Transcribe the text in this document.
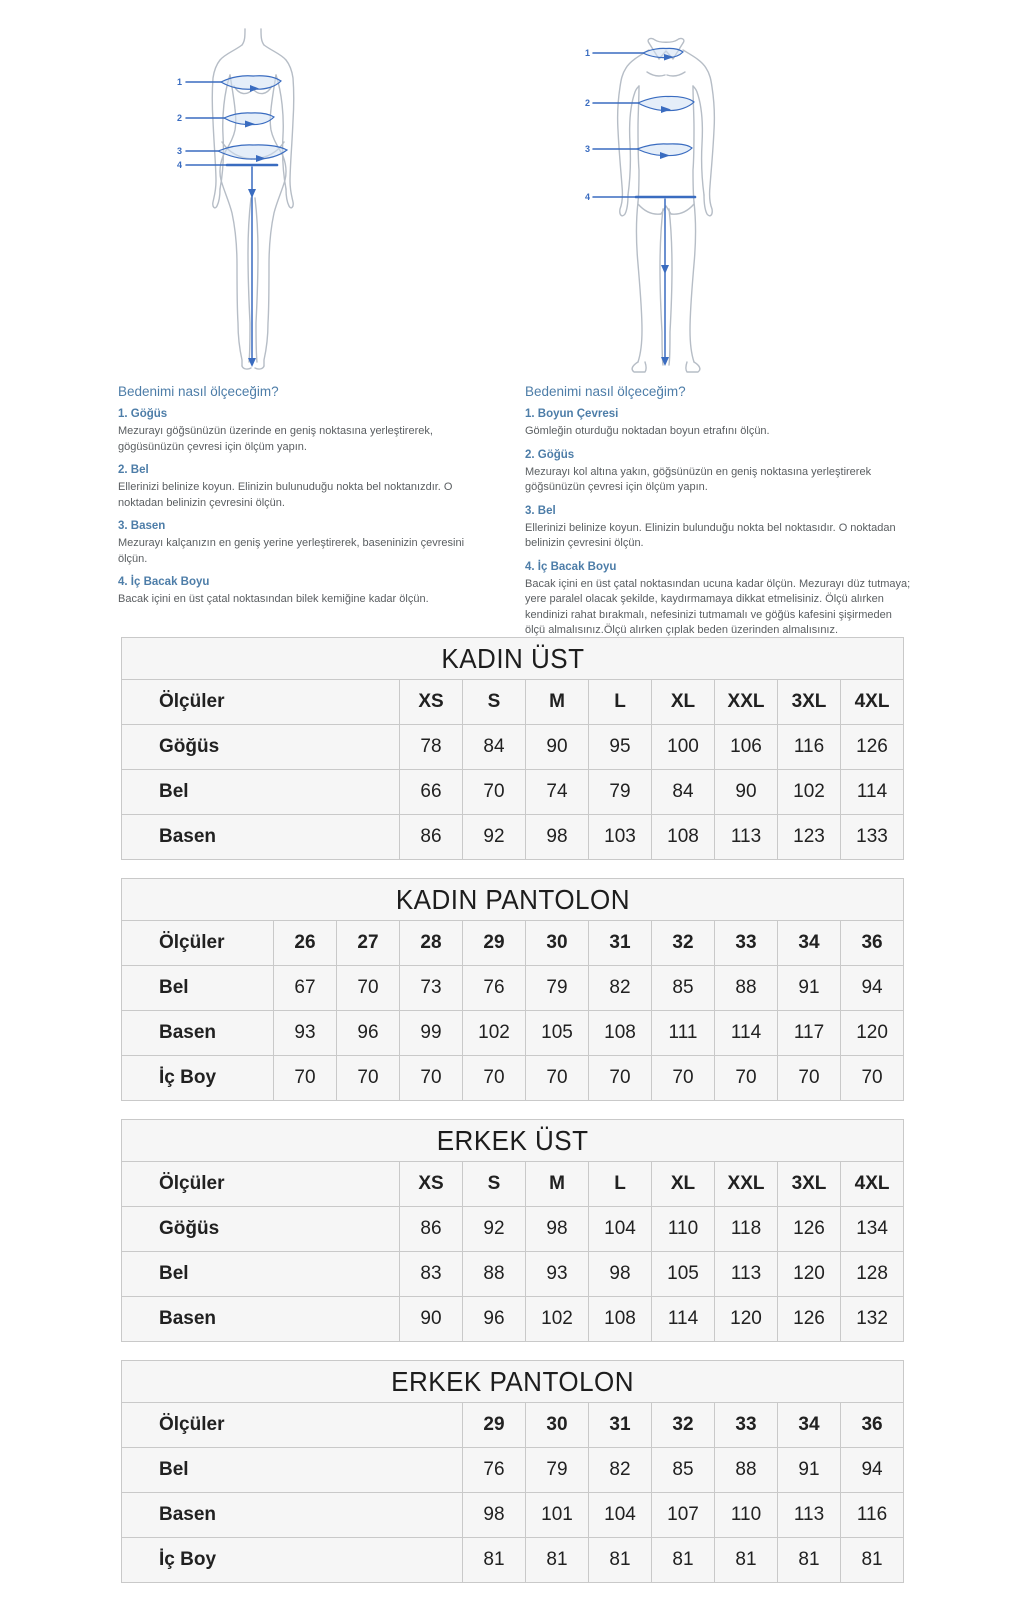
1
2
3
4
1
2
3
4
Bedenimi nasıl ölçeceğim?
1. Göğüs
Mezurayı göğsünüzün üzerinde en geniş noktasına yerleştirerek, gögüsünüzün çevresi için ölçüm yapın.
2. Bel
Ellerinizi belinize koyun. Elinizin bulunuduğu nokta bel noktanızdır. O noktadan belinizin çevresini ölçün.
3. Basen
Mezurayı kalçanızın en geniş yerine yerleştirerek, baseninizin çevresini ölçün.
4. İç Bacak Boyu
Bacak içini en üst çatal noktasından bilek kemiğine kadar ölçün.
Bedenimi nasıl ölçeceğim?
1. Boyun Çevresi
Gömleğin oturduğu noktadan boyun etrafını ölçün.
2. Göğüs
Mezurayı kol altına yakın, göğsünüzün en geniş noktasına yerleştirerek göğsünüzün çevresi için ölçüm yapın.
3. Bel
Ellerinizi belinize koyun. Elinizin bulunduğu nokta bel noktasıdır. O noktadan belinizin çevresini ölçün.
4. İç Bacak Boyu
Bacak içini en üst çatal noktasından ucuna kadar ölçün. Mezurayı düz tutmaya; yere paralel olacak şekilde, kaydırmamaya dikkat etmelisiniz. Ölçü alırken kendinizi rahat bırakmalı, nefesinizi tutmamalı ve göğüs kafesini şişirmeden ölçü almalısınız.Ölçü alırken çıplak beden üzerinden almalısınız.
KADIN ÜST								
Ölçüler	XS	S	M	L	XL	XXL	3XL	4XL
Göğüs	78	84	90	95	100	106	116	126
Bel	66	70	74	79	84	90	102	114
Basen	86	92	98	103	108	113	123	133
KADIN PANTOLON										
Ölçüler	26	27	28	29	30	31	32	33	34	36
Bel	67	70	73	76	79	82	85	88	91	94
Basen	93	96	99	102	105	108	111	114	117	120
İç Boy	70	70	70	70	70	70	70	70	70	70
ERKEK ÜST								
Ölçüler	XS	S	M	L	XL	XXL	3XL	4XL
Göğüs	86	92	98	104	110	118	126	134
Bel	83	88	93	98	105	113	120	128
Basen	90	96	102	108	114	120	126	132
ERKEK PANTOLON							
Ölçüler	29	30	31	32	33	34	36
Bel	76	79	82	85	88	91	94
Basen	98	101	104	107	110	113	116
İç Boy	81	81	81	81	81	81	81
